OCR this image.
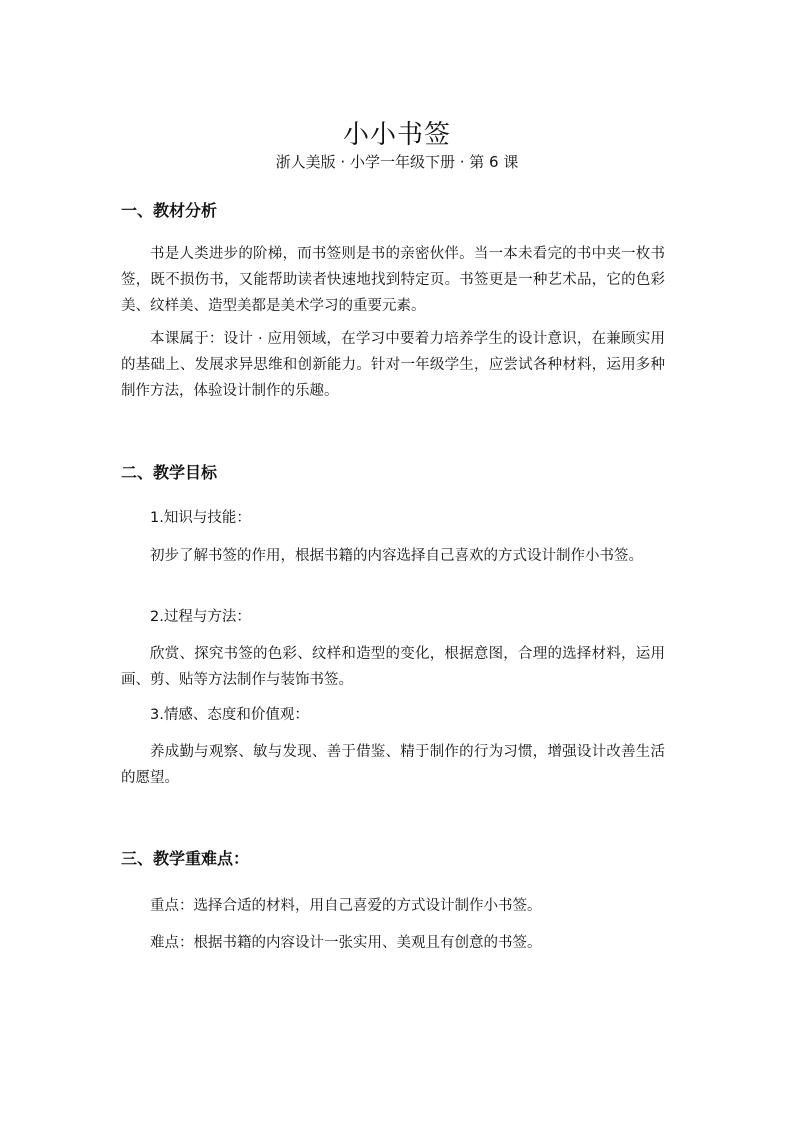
小小书签
浙人美版 · 小学一年级下册 · 第 6 课
一、教材分析

书是人类进步的阶梯，而书签则是书的亲密伙伴。当一本未看完的书中夹一枚书签，既不损伤书，又能帮助读者快速地找到特定页。书签更是一种艺术品，它的色彩美、纹样美、造型美都是美术学习的重要元素。

本课属于：设计 · 应用领域，在学习中要着力培养学生的设计意识，在兼顾实用的基础上、发展求异思维和创新能力。针对一年级学生，应尝试各种材料，运用多种制作方法，体验设计制作的乐趣。

二、教学目标

1.知识与技能：

初步了解书签的作用，根据书籍的内容选择自己喜欢的方式设计制作小书签。

2.过程与方法：

欣赏、探究书签的色彩、纹样和造型的变化，根据意图，合理的选择材料，运用画、剪、贴等方法制作与装饰书签。

3.情感、态度和价值观：

养成勤与观察、敏与发现、善于借鉴、精于制作的行为习惯，增强设计改善生活的愿望。

三、教学重难点：

重点：选择合适的材料，用自己喜爱的方式设计制作小书签。

难点：根据书籍的内容设计一张实用、美观且有创意的书签。
